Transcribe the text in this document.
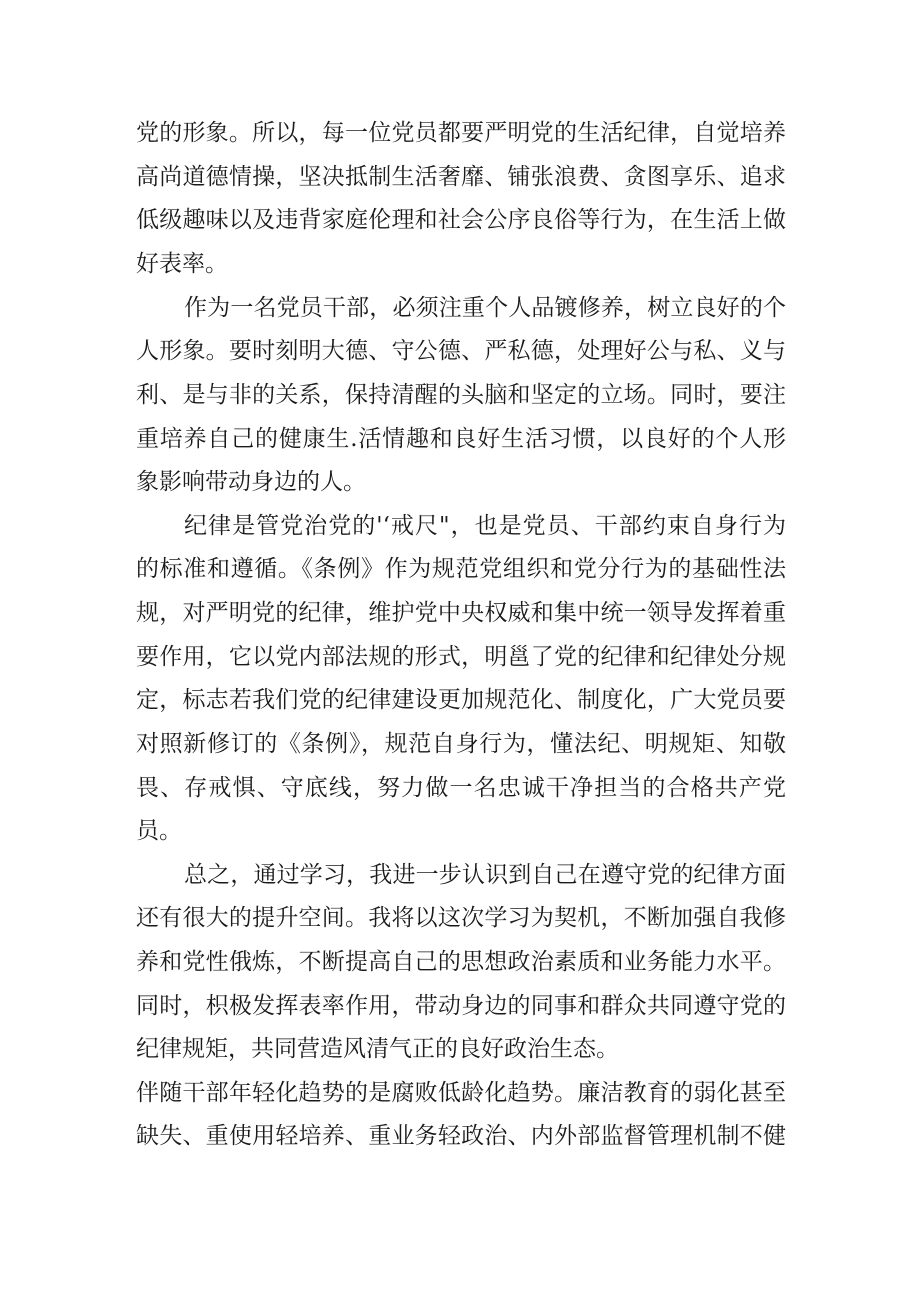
党的形象。所以，每一位党员都要严明党的生活纪律，自觉培养
高尚道德情操，坚决抵制生活奢靡、铺张浪费、贪图享乐、追求
低级趣味以及违背家庭伦理和社会公序良俗等行为，在生活上做
好表率。
作为一名党员干部，必须注重个人品镀修养，树立良好的个
人形象。要时刻明大德、守公德、严私德，处理好公与私、义与
利、是与非的关系，保持清醒的头脑和坚定的立场。同时，要注
重培养自己的健康生.活情趣和良好生活习惯，以良好的个人形
象影响带动身边的人。
纪律是管党治党的'‘戒尺"，也是党员、干部约束自身行为
的标准和遵循。《条例》作为规范党组织和党分行为的基础性法
规，对严明党的纪律，维护党中央权威和集中统一领导发挥着重
要作用，它以党内部法规的形式，明邕了党的纪律和纪律处分规
定，标志若我们党的纪律建设更加规范化、制度化，广大党员要
对照新修订的《条例》，规范自身行为，懂法纪、明规矩、知敬
畏、存戒惧、守底线，努力做一名忠诚干净担当的合格共产党
员。
总之，通过学习，我进一步认识到自己在遵守党的纪律方面
还有很大的提升空间。我将以这次学习为契机，不断加强自我修
养和党性俄炼，不断提高自己的思想政治素质和业务能力水平。
同时，枳极发挥表率作用，带动身边的同事和群众共同遵守党的
纪律规矩，共同营造风清气正的良好政治生态。
伴随干部年轻化趋势的是腐败低龄化趋势。廉洁教育的弱化甚至
缺失、重使用轻培养、重业务轻政治、内外部监督管理机制不健
